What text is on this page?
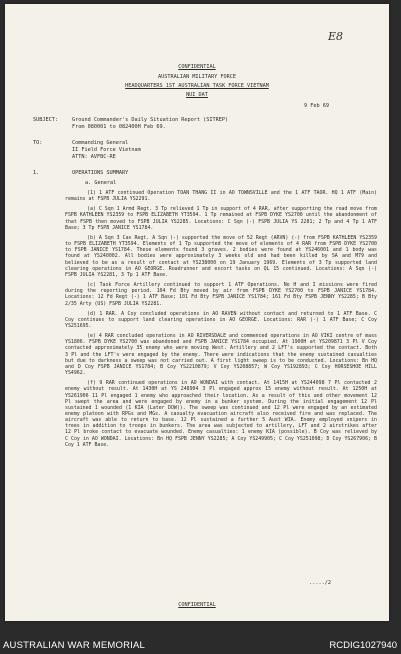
E8
CONFIDENTIAL
AUSTRALIAN MILITARY FORCE
HEADQUARTERS 1ST AUSTRALIAN TASK FORCE VIETNAM
NUI DAT
9 Feb 69
SUBJECT:	Ground Commander's Daily Situation Report (SITREP)
From 080001 to 082400H Feb 69.
TO:	Commanding General
II Field Force Vietnam
ATTN: AVFBC-RE
1.	OPERATIONS SUMMARY
a. General

(1) 1 ATF continued Operation TOAN THANG II in AO TOWNSVILLE and the 1 ATF TAOR. HQ 1 ATF (Main) remains at FSPB JULIA YS2291.

(a) C Sqn 1 Armd Regt. 3 Tp relieved 1 Tp in support of 4 RAR, after supporting the road move from FSPB KATHLEEN YS2359 to FSPB ELIZABETH YT3594. 1 Tp remained at FSPB DYKE YS2700 until the abandonment of that FSPB then moved to FSPB JULIA YS2285. Locations: C Sqn (-) FSPB JULIA YS 2281; 2 Tp and 4 Tp 1 ATF Base; 3 Tp FSPB JANICE YS1784.

(b) A Sqn 3 Cav Regt. A Sqn (-) supported the move of 52 Regt (ARVN) (-) from FSPB KATHLEEN YS2359 to FSPB ELIZABETH YT3594. Elements of 1 Tp supported the move of elements of 4 RAR from FSPB DYKE YS2700 to FSPB JANICE YS1784. These elements found 3 graves. 2 bodies were found at YS246001 and 1 body was found at YS240002. All bodies were approximately 3 weeks old and had been killed by SA and M79 and believed to be as a result of contact at YS238000 on 19 January 1969. Elements of 3 Tp supported land clearing operations in AO GEORGE. Roadrunner and escort tasks on QL 15 continued. Locations: A Sqn (-) FSPB JULIA YS2281, 3 Tp 1 ATF Base.

(c) Task Force Artillery continued to support 1 ATF Operations. No H and I missions were fired during the reporting period. 104 Fd Bty moved by air from FSPB DYKE YS2700 to FSPB JANICE YS1784. Locations: 12 Fd Regt (-) 1 ATF Base; 101 Fd Bty FSPB JANICE YS1784; 161 Fd Bty FSPB JENNY YS2285; B Bty 2/35 Arty (US) FSPB JULIA YS2281.

(d) 1 RAR. A Coy concluded operations in AO RAVEN without contact and returned to 1 ATF Base. C Coy continues to support land clearing operations in AO GEORGE. Locations: RAR (-) 1 ATF Base; C Coy YS251695.

(e) 4 RAR concluded operations in AO RIVERSDALE and commenced operations in AO VIKI centre of mass YS1806. FSPB DYKE YS2700 was abandoned and FSPB JANICE YS1784 occupied. At 1900H at YS209871 3 Pl V Coy contacted approximately 35 enemy who were moving West. Artillery and 2 LFT's supported the contact. Both 3 Pl and the LFT's were engaged by the enemy. There were indications that the enemy sustained casualties but due to darkness a sweep was not carried out. A first light sweep is to be conducted. Locations: Bn HQ and D Coy FSPB JANICE YS1784; B Coy YS2210879; V Coy YS208857; W Coy YS192893; C Coy HORSESHOE HILL YS4962.

(f) 9 RAR continued operations in AO WONDAI with contact. At 1415H at YS244098 7 Pl contacted 2 enemy without result. At 1430H at YS 248904 3 Pl engaged approx 15 enemy without result. At 1250H at YS261906 11 Pl engaged 1 enemy who approached their location. As a result of this and other movement 12 Pl swept the area and were engaged by enemy in a bunker system. During the initial engagement 12 Pl sustained 1 wounded (1 KIA (Later DOW)). The sweep was continued and 12 Pl were engaged by an estimated enemy platoon with RPGs and MGs. A casualty evacuation aircraft also received fire and was replaced. The aircraft was able to return to base. 12 Pl sustained a further 5 Aust WIA. Enemy employed snipers in trees in addition to troops in bunkers. The area was subjected to artillery, LFT and 2 airstrikes after 12 Pl broke contact to evacuate wounded. Enemy casualties: 1 enemy KIA (possible). B Coy was relieved by C Coy in AO WONDAI. Locations: Bn HQ FSPB JENNY YS2285; A Coy YS249905; C Coy YS251098; D Coy YS267906; B Coy 1 ATF Base.

...../2
CONFIDENTIAL
AUSTRALIAN WAR MEMORIAL	RCDIG1027940
